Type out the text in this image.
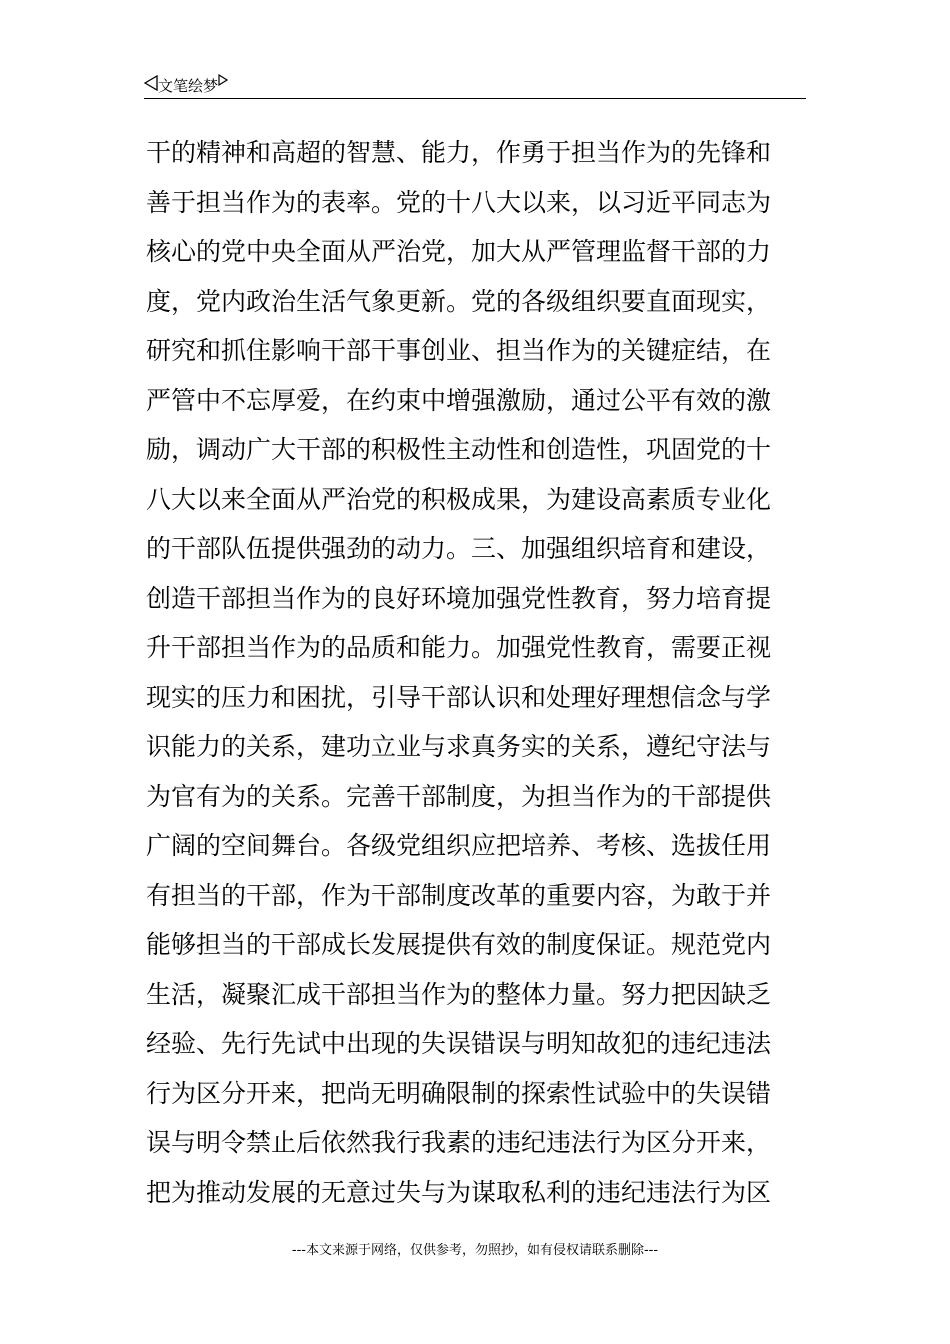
文笔绘梦
干的精神和高超的智慧、能力，作勇于担当作为的先锋和
善于担当作为的表率。党的十八大以来，以习近平同志为
核心的党中央全面从严治党，加大从严管理监督干部的力
度，党内政治生活气象更新。党的各级组织要直面现实，
研究和抓住影响干部干事创业、担当作为的关键症结，在
严管中不忘厚爱，在约束中增强激励，通过公平有效的激
励，调动广大干部的积极性主动性和创造性，巩固党的十
八大以来全面从严治党的积极成果，为建设高素质专业化
的干部队伍提供强劲的动力。三、加强组织培育和建设，
创造干部担当作为的良好环境加强党性教育，努力培育提
升干部担当作为的品质和能力。加强党性教育，需要正视
现实的压力和困扰，引导干部认识和处理好理想信念与学
识能力的关系，建功立业与求真务实的关系，遵纪守法与
为官有为的关系。完善干部制度，为担当作为的干部提供
广阔的空间舞台。各级党组织应把培养、考核、选拔任用
有担当的干部，作为干部制度改革的重要内容，为敢于并
能够担当的干部成长发展提供有效的制度保证。规范党内
生活，凝聚汇成干部担当作为的整体力量。努力把因缺乏
经验、先行先试中出现的失误错误与明知故犯的违纪违法
行为区分开来，把尚无明确限制的探索性试验中的失误错
误与明令禁止后依然我行我素的违纪违法行为区分开来，
把为推动发展的无意过失与为谋取私利的违纪违法行为区
---本文来源于网络，仅供参考，勿照抄，如有侵权请联系删除---
